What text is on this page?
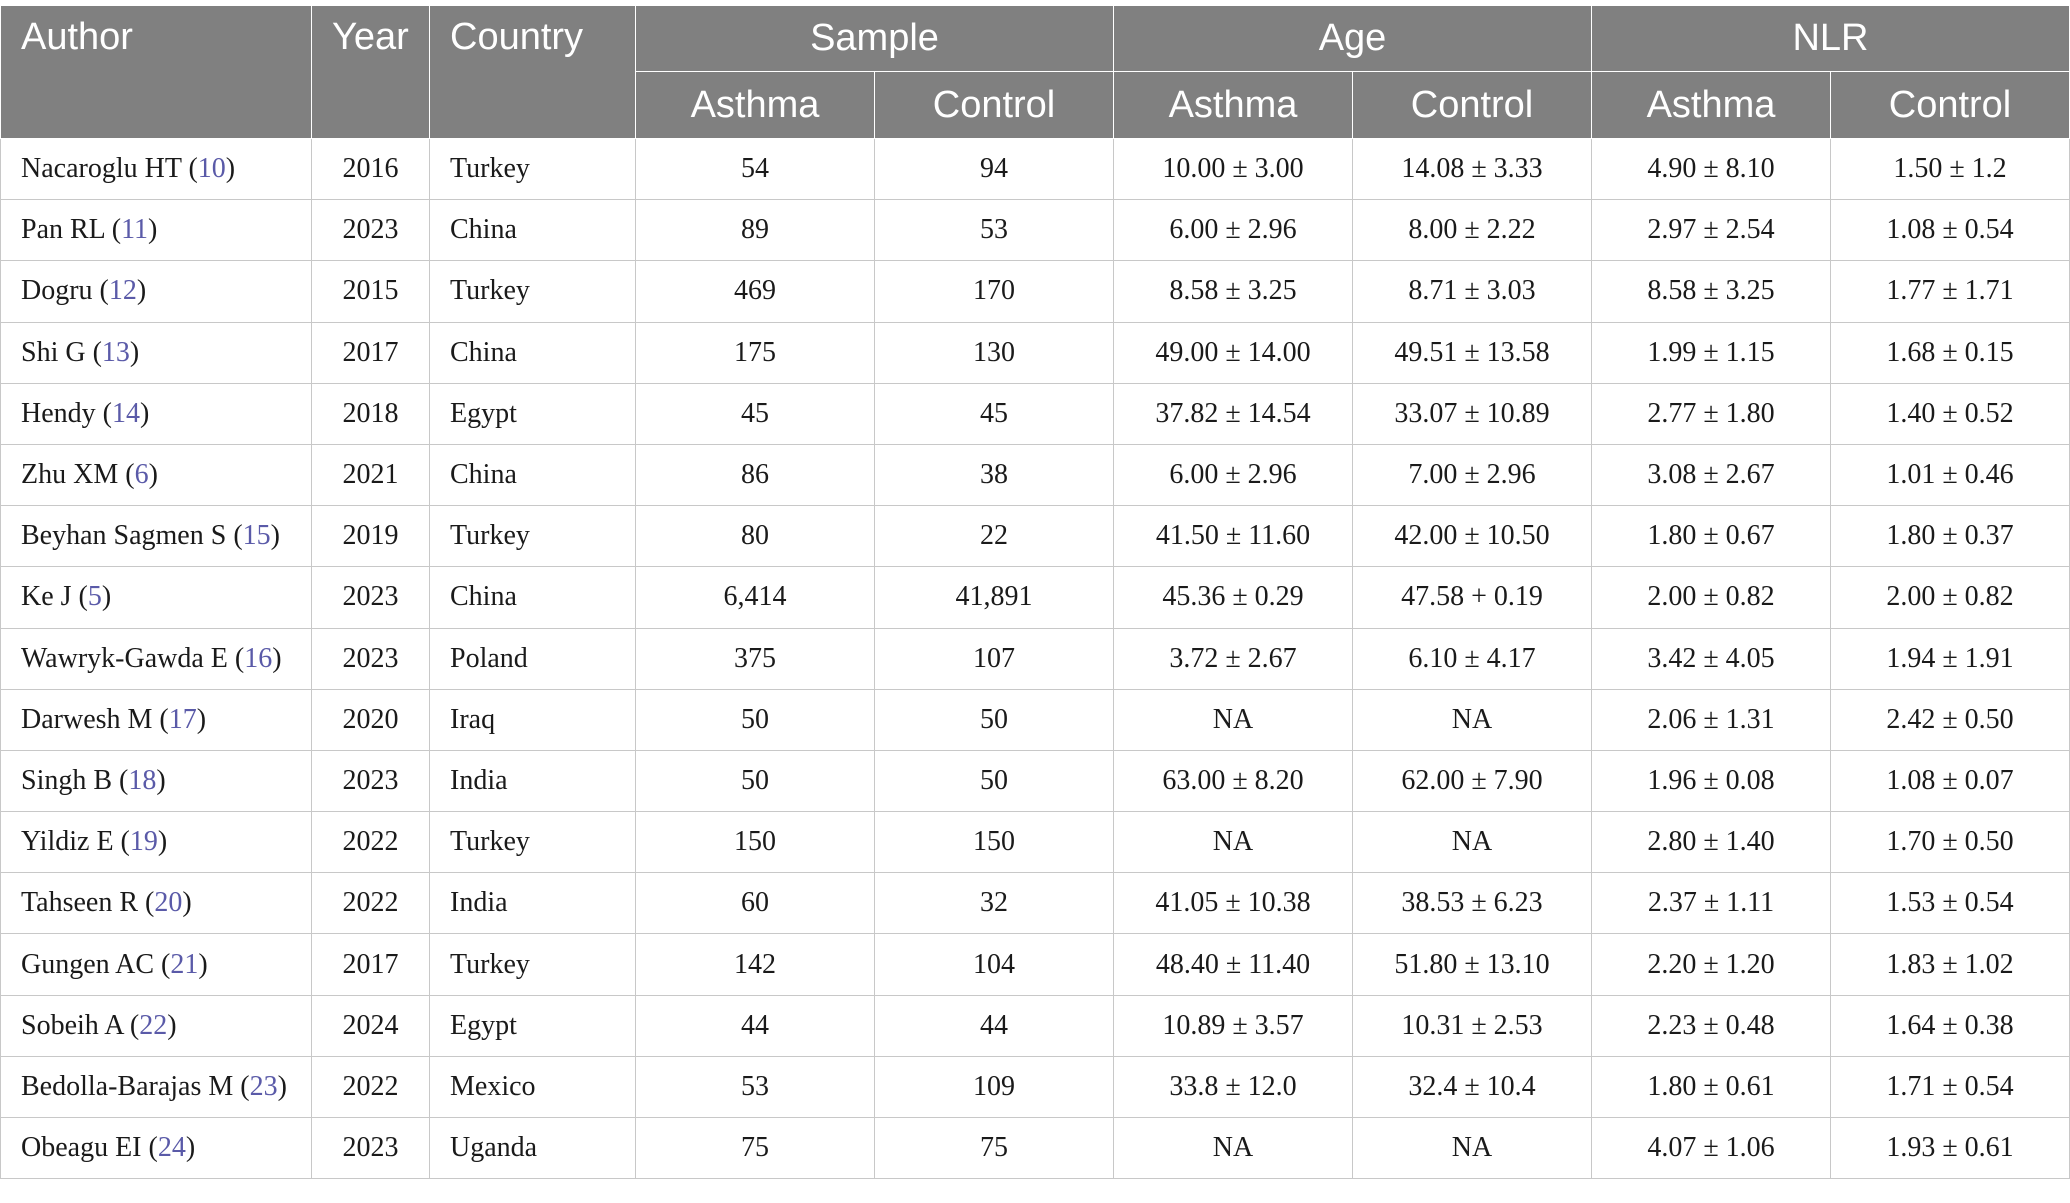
Author	Year	Country	Sample		Age		NLR	
			Asthma	Control	Asthma	Control	Asthma	Control
Nacaroglu HT (10)	2016	Turkey	54	94	10.00 ± 3.00	14.08 ± 3.33	4.90 ± 8.10	1.50 ± 1.2
Pan RL (11)	2023	China	89	53	6.00 ± 2.96	8.00 ± 2.22	2.97 ± 2.54	1.08 ± 0.54
Dogru (12)	2015	Turkey	469	170	8.58 ± 3.25	8.71 ± 3.03	8.58 ± 3.25	1.77 ± 1.71
Shi G (13)	2017	China	175	130	49.00 ± 14.00	49.51 ± 13.58	1.99 ± 1.15	1.68 ± 0.15
Hendy (14)	2018	Egypt	45	45	37.82 ± 14.54	33.07 ± 10.89	2.77 ± 1.80	1.40 ± 0.52
Zhu XM (6)	2021	China	86	38	6.00 ± 2.96	7.00 ± 2.96	3.08 ± 2.67	1.01 ± 0.46
Beyhan Sagmen S (15)	2019	Turkey	80	22	41.50 ± 11.60	42.00 ± 10.50	1.80 ± 0.67	1.80 ± 0.37
Ke J (5)	2023	China	6,414	41,891	45.36 ± 0.29	47.58 + 0.19	2.00 ± 0.82	2.00 ± 0.82
Wawryk-Gawda E (16)	2023	Poland	375	107	3.72 ± 2.67	6.10 ± 4.17	3.42 ± 4.05	1.94 ± 1.91
Darwesh M (17)	2020	Iraq	50	50	NA	NA	2.06 ± 1.31	2.42 ± 0.50
Singh B (18)	2023	India	50	50	63.00 ± 8.20	62.00 ± 7.90	1.96 ± 0.08	1.08 ± 0.07
Yildiz E (19)	2022	Turkey	150	150	NA	NA	2.80 ± 1.40	1.70 ± 0.50
Tahseen R (20)	2022	India	60	32	41.05 ± 10.38	38.53 ± 6.23	2.37 ± 1.11	1.53 ± 0.54
Gungen AC (21)	2017	Turkey	142	104	48.40 ± 11.40	51.80 ± 13.10	2.20 ± 1.20	1.83 ± 1.02
Sobeih A (22)	2024	Egypt	44	44	10.89 ± 3.57	10.31 ± 2.53	2.23 ± 0.48	1.64 ± 0.38
Bedolla-Barajas M (23)	2022	Mexico	53	109	33.8 ± 12.0	32.4 ± 10.4	1.80 ± 0.61	1.71 ± 0.54
Obeagu EI (24)	2023	Uganda	75	75	NA	NA	4.07 ± 1.06	1.93 ± 0.61
